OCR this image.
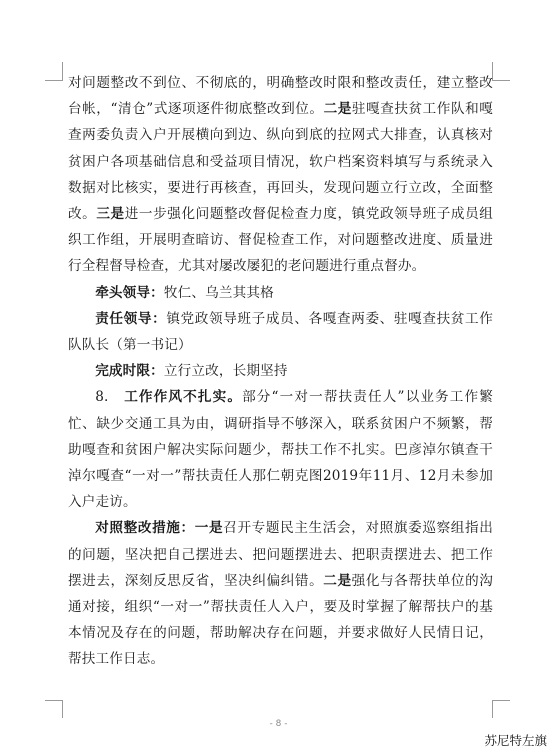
对问题整改不到位、不彻底的，明确整改时限和整改责任，建立整改台帐，“清仓”式逐项逐件彻底整改到位。二是驻嘎查扶贫工作队和嘎查两委负责入户开展横向到边、纵向到底的拉网式大排查，认真核对贫困户各项基础信息和受益项目情况，软户档案资料填写与系统录入数据对比核实，要进行再核查，再回头，发现问题立行立改，全面整改。三是进一步强化问题整改督促检查力度，镇党政领导班子成员组织工作组，开展明查暗访、督促检查工作，对问题整改进度、质量进行全程督导检查，尤其对屡改屡犯的老问题进行重点督办。

牵头领导：牧仁、乌兰其其格

责任领导：镇党政领导班子成员、各嘎查两委、驻嘎查扶贫工作队队长（第一书记）

完成时限：立行立改，长期坚持

8.　工作作风不扎实。部分“一对一帮扶责任人”以业务工作繁忙、缺少交通工具为由，调研指导不够深入，联系贫困户不频繁，帮助嘎查和贫困户解决实际问题少，帮扶工作不扎实。巴彦淖尔镇查干淖尔嘎查“一对一”帮扶责任人那仁朝克图2019年11月、12月未参加入户走访。

对照整改措施：一是召开专题民主生活会，对照旗委巡察组指出的问题，坚决把自己摆进去、把问题摆进去、把职责摆进去、把工作摆进去，深刻反思反省，坚决纠偏纠错。二是强化与各帮扶单位的沟通对接，组织“一对一”帮扶责任人入户，要及时掌握了解帮扶户的基本情况及存在的问题，帮助解决存在问题，并要求做好人民情日记，帮扶工作日志。

- 8 -
苏尼特左旗
